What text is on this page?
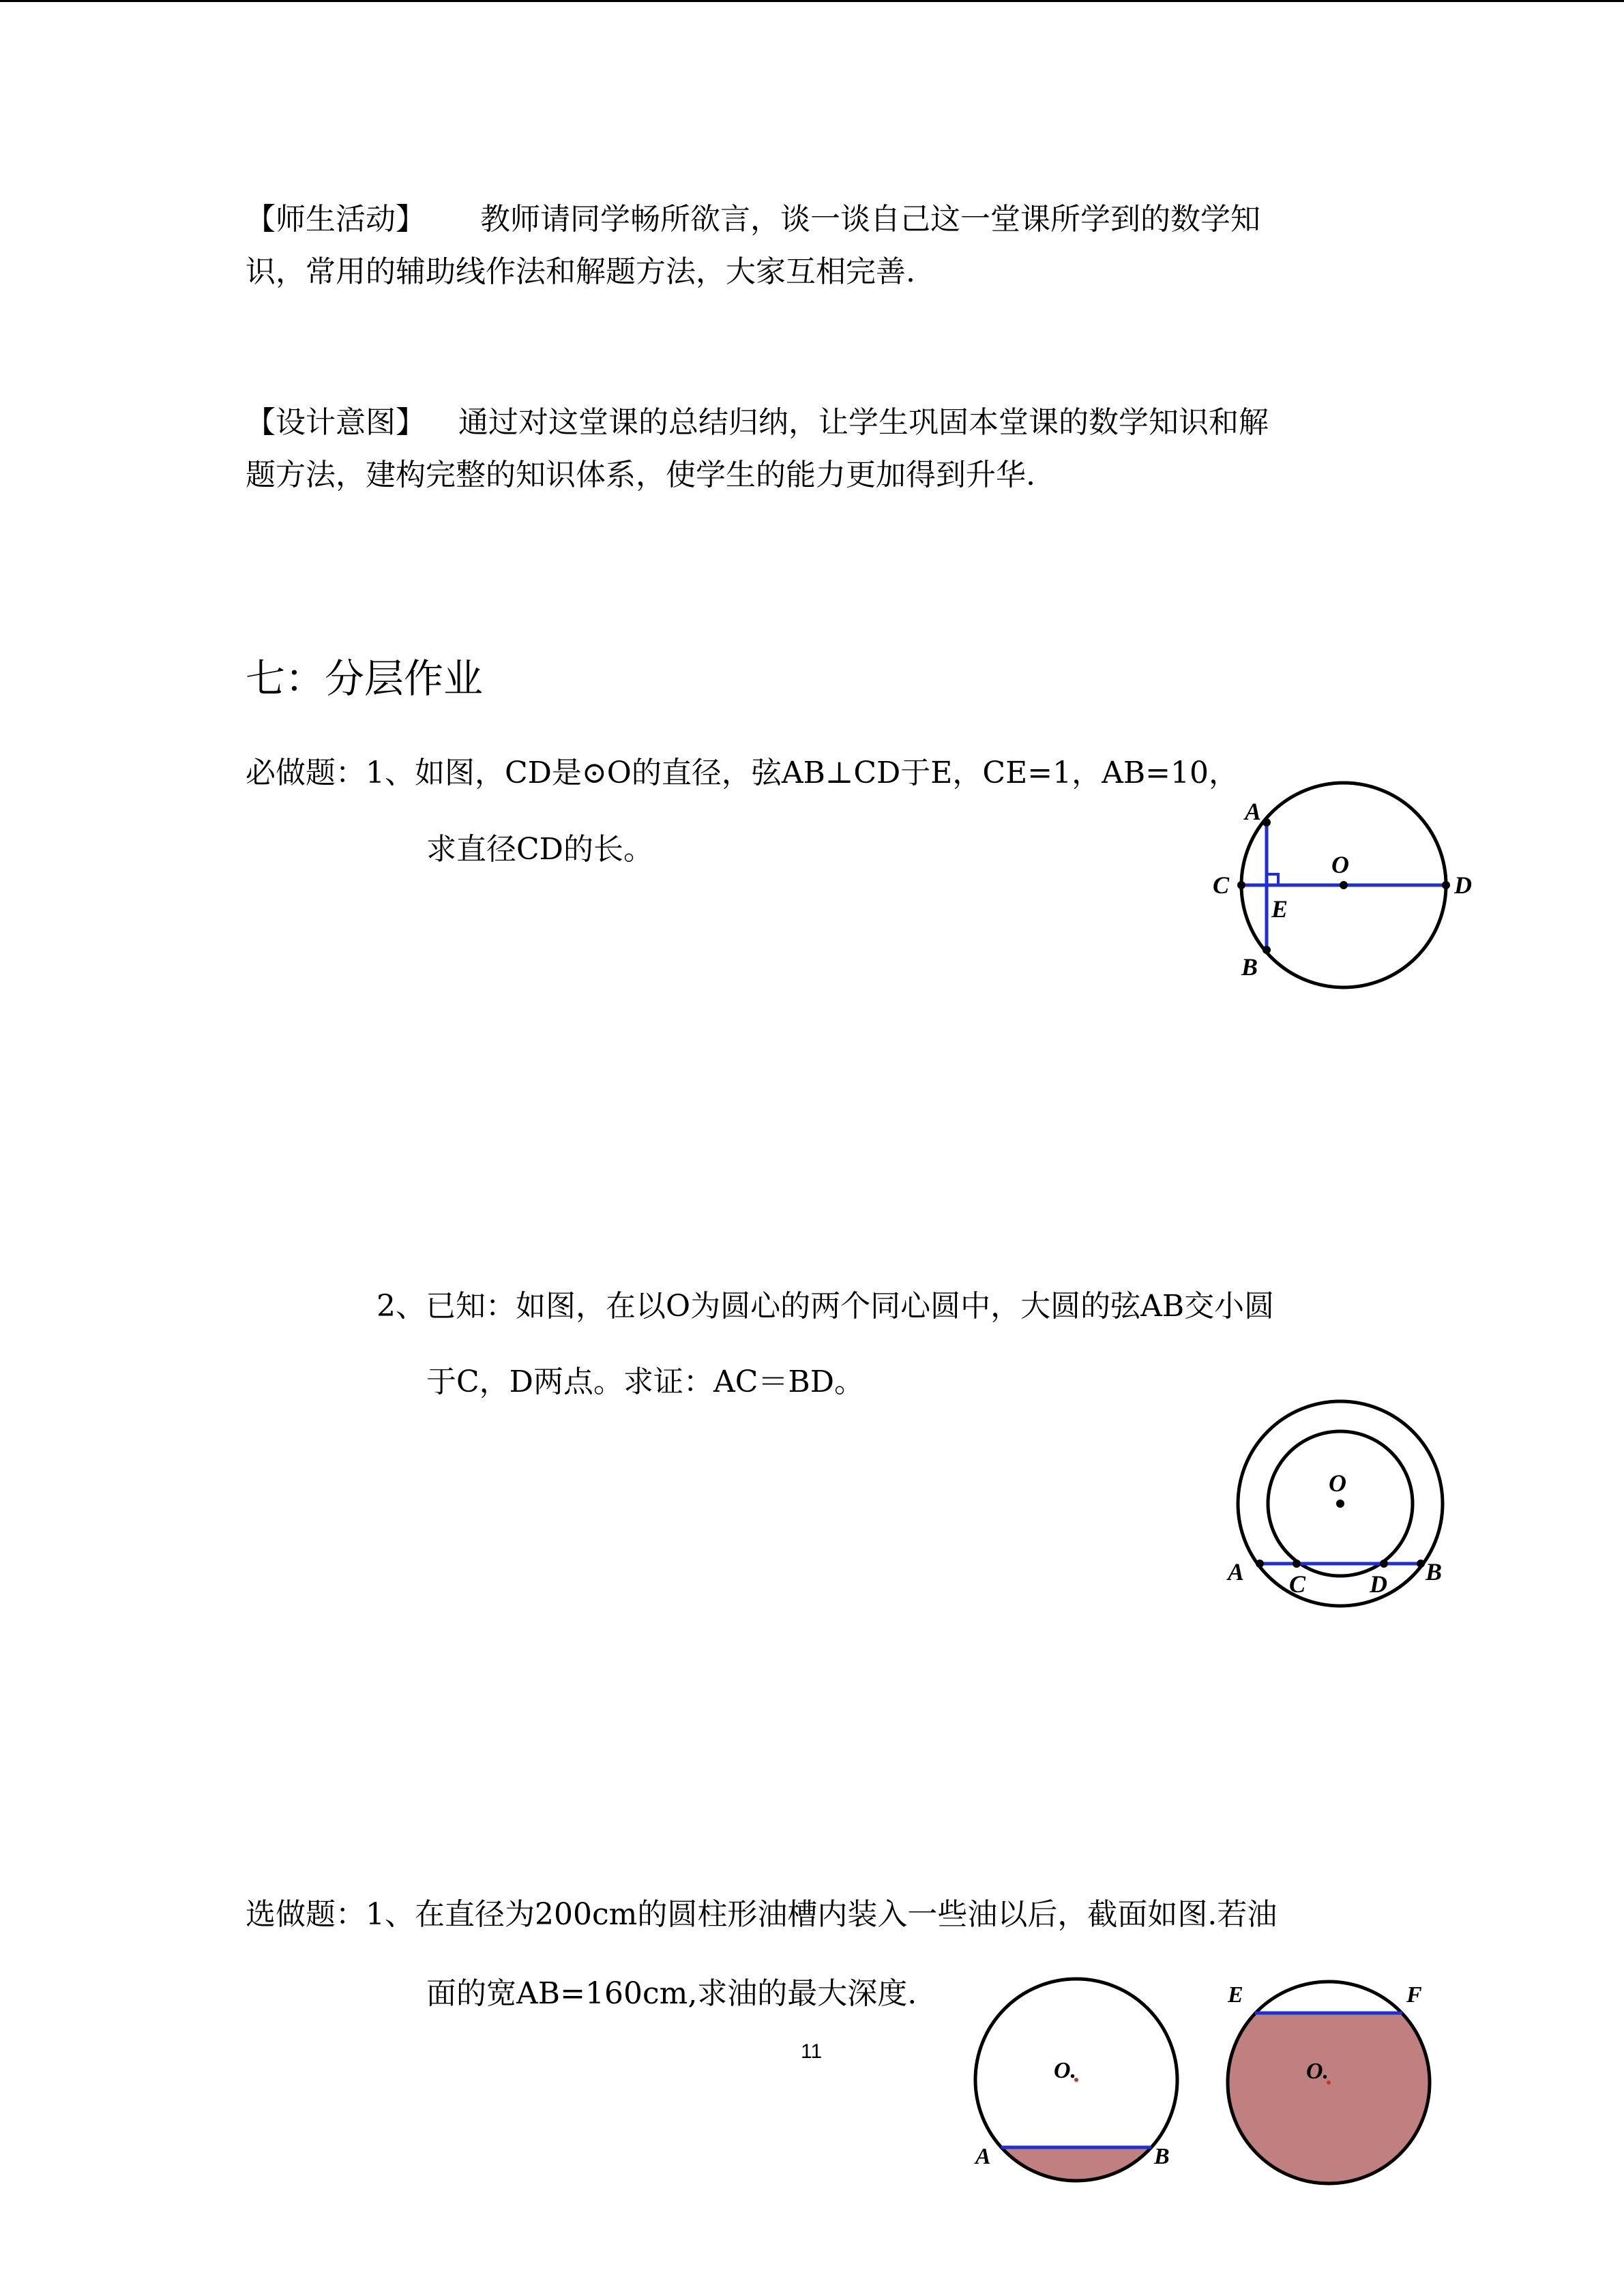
【师生活动】 教师请同学畅所欲言，谈一谈自己这一堂课所学到的数学知
识，常用的辅助线作法和解题方法，大家互相完善.
【设计意图】 通过对这堂课的总结归纳，让学生巩固本堂课的数学知识和解
题方法，建构完整的知识体系，使学生的能力更加得到升华.
七：分层作业
必做题：1、如图，CD是⊙O的直径，弦AB⊥CD于E，CE=1，AB=10，
求直径CD的长。
A
B
C	D
E
O
2、已知：如图，在以O为圆心的两个同心圆中，大圆的弦AB交小圆
于C，D两点。求证：AC＝BD。
A	B
C	D
O
选做题：1、在直径为200cm的圆柱形油槽内装入一些油以后，截面如图.若油
面的宽AB=160cm,求油的最大深度.
11
O.
A	B
O.
E	F
